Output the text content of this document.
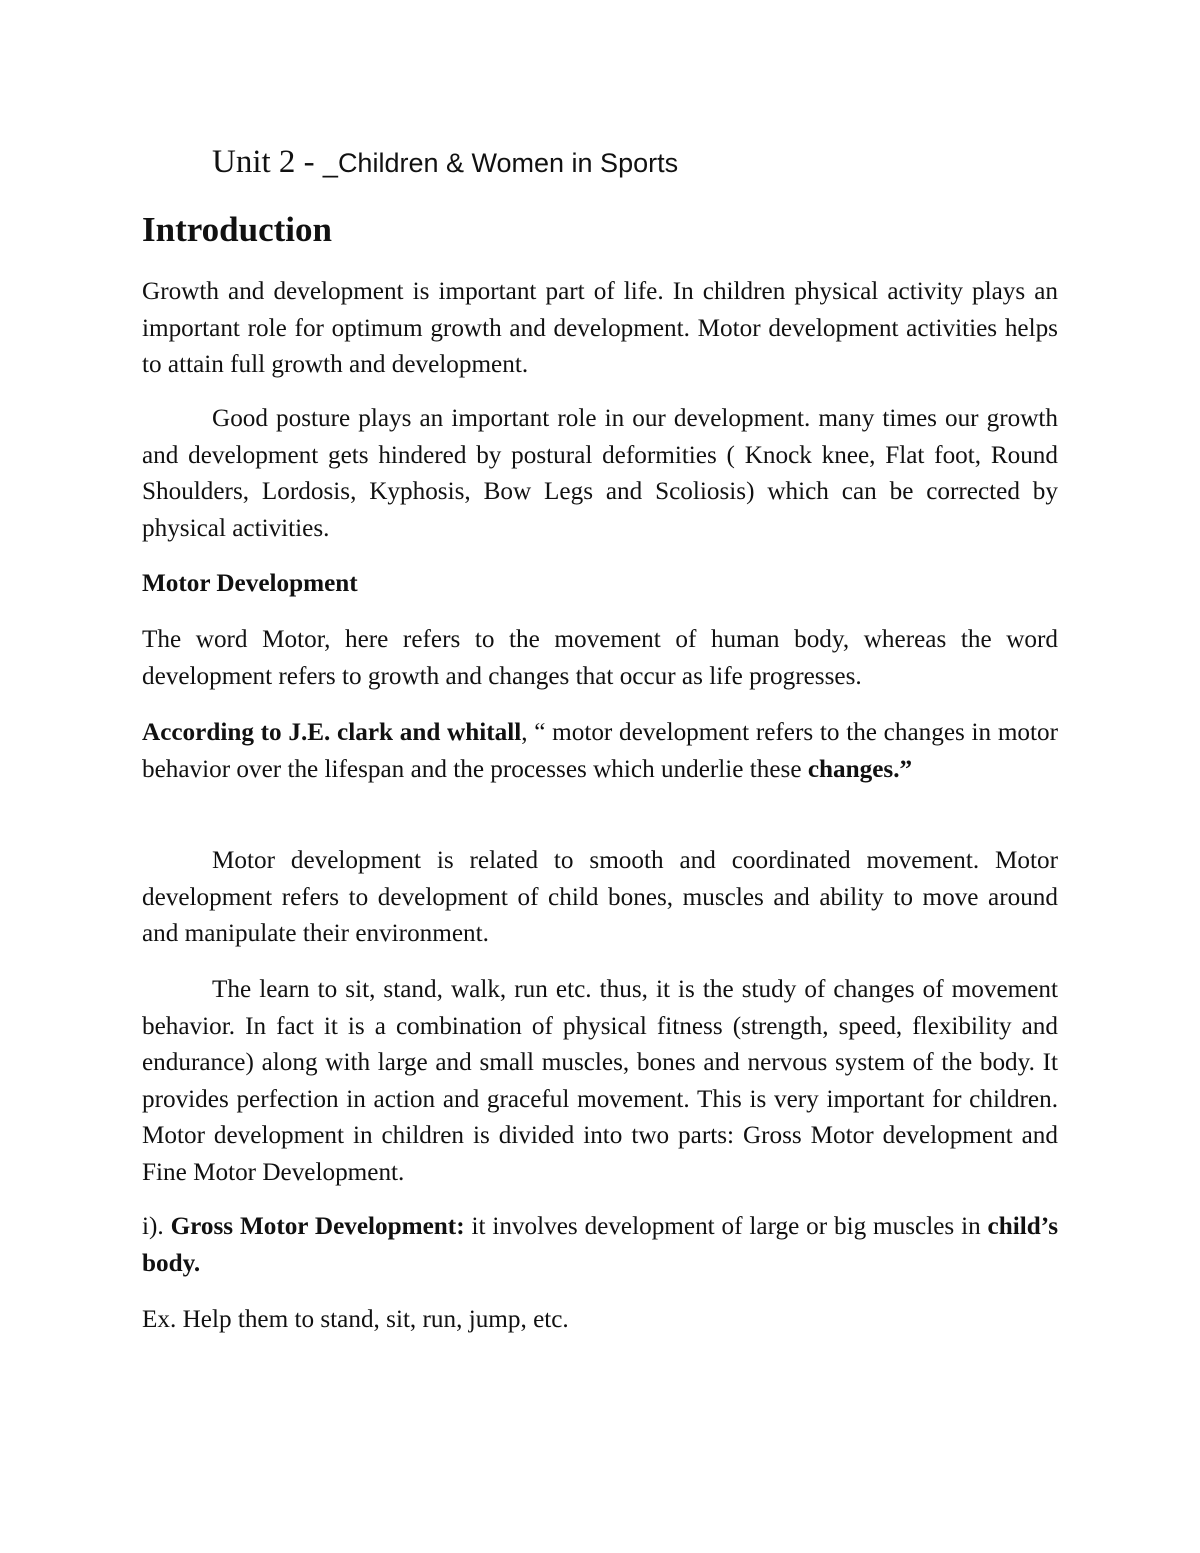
Unit 2 - _Children & Women in Sports
Introduction

Growth and development is important part of life. In children physical activity plays an important role for optimum growth and development. Motor development activities helps to attain full growth and development.

Good posture plays an important role in our development. many times our growth and development gets hindered by postural deformities ( Knock knee, Flat foot, Round Shoulders, Lordosis, Kyphosis, Bow Legs and Scoliosis) which can be corrected by physical activities.

Motor Development

The word Motor, here refers to the movement of human body, whereas the word development refers to growth and changes that occur as life progresses.

According to J.E. clark and whitall, “ motor development refers to the changes in motor behavior over the lifespan and the processes which underlie these changes.”

Motor development is related to smooth and coordinated movement. Motor development refers to development of child bones, muscles and ability to move around and manipulate their environment.

The learn to sit, stand, walk, run etc. thus, it is the study of changes of movement behavior. In fact it is a combination of physical fitness (strength, speed, flexibility and endurance) along with large and small muscles, bones and nervous system of the body. It provides perfection in action and graceful movement. This is very important for children. Motor development in children is divided into two parts: Gross Motor development and Fine Motor Development.

i). Gross Motor Development: it involves development of large or big muscles in child’s body.

Ex. Help them to stand, sit, run, jump, etc.
